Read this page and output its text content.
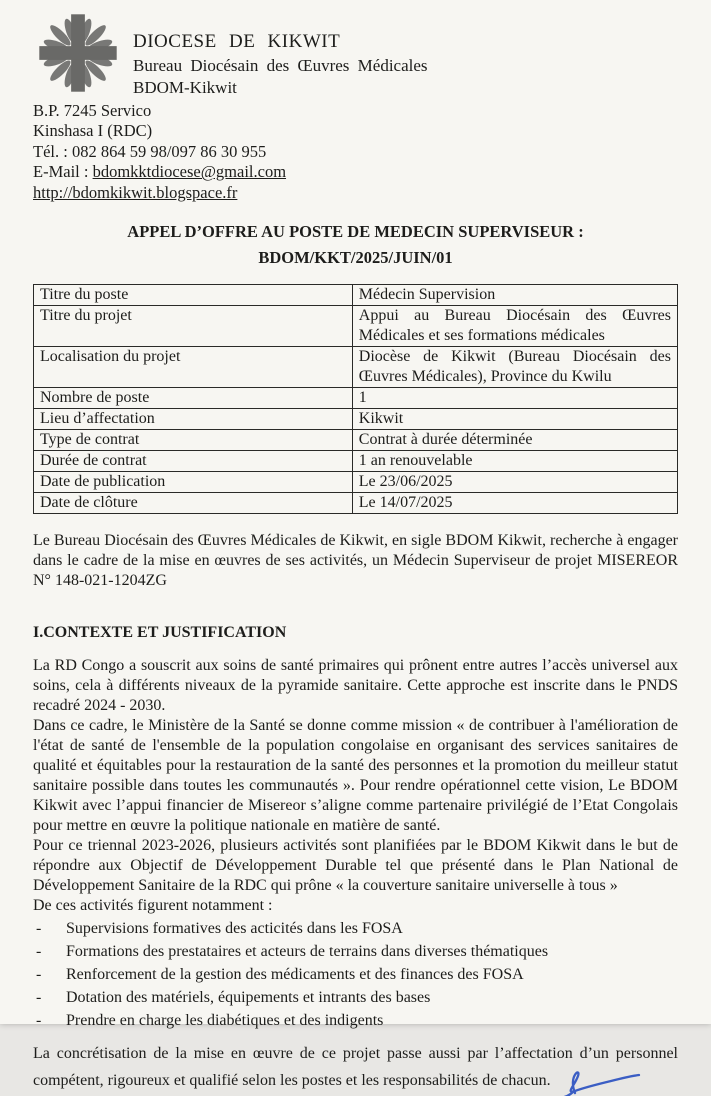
DIOCESE DE KIKWIT
Bureau Diocésain des Œuvres Médicales
BDOM-Kikwit
B.P. 7245 Servico
Kinshasa I (RDC)
Tél. : 082 864 59 98/097 86 30 955
E-Mail : bdomkktdiocese@gmail.com
http://bdomkikwit.blogspace.fr
APPEL D’OFFRE AU POSTE DE MEDECIN SUPERVISEUR :
BDOM/KKT/2025/JUIN/01
Titre du poste	Médecin Supervision
Titre du projet	Appui au Bureau Diocésain des Œuvres Médicales et ses formations médicales
Localisation du projet	Diocèse de Kikwit (Bureau Diocésain des Œuvres Médicales), Province du Kwilu
Nombre de poste	1
Lieu d’affectation	Kikwit
Type de contrat	Contrat à durée déterminée
Durée de contrat	1 an renouvelable
Date de publication	Le 23/06/2025
Date de clôture	Le 14/07/2025

Le Bureau Diocésain des Œuvres Médicales de Kikwit, en sigle BDOM Kikwit, recherche à engager dans le cadre de la mise en œuvres de ses activités, un Médecin Superviseur de projet MISEREOR N° 148-021-1204ZG

I.CONTEXTE ET JUSTIFICATION

La RD Congo a souscrit aux soins de santé primaires qui prônent entre autres l’accès universel aux soins, cela à différents niveaux de la pyramide sanitaire. Cette approche est inscrite dans le PNDS recadré 2024 - 2030.

Dans ce cadre, le Ministère de la Santé se donne comme mission « de contribuer à l'amélioration de l'état de santé de l'ensemble de la population congolaise en organisant des services sanitaires de qualité et équitables pour la restauration de la santé des personnes et la promotion du meilleur statut sanitaire possible dans toutes les communautés ». Pour rendre opérationnel cette vision, Le BDOM Kikwit avec l’appui financier de Misereor s’aligne comme partenaire privilégié de l’Etat Congolais pour mettre en œuvre la politique nationale en matière de santé.

Pour ce triennal 2023-2026, plusieurs activités sont planifiées par le BDOM Kikwit dans le but de répondre aux Objectif de Développement Durable tel que présenté dans le Plan National de Développement Sanitaire de la RDC qui prône « la couverture sanitaire universelle à tous »

De ces activités figurent notamment :

-	Supervisions formatives des acticités dans les FOSA
-	Formations des prestataires et acteurs de terrains dans diverses thématiques
-	Renforcement de la gestion des médicaments et des finances des FOSA
-	Dotation des matériels, équipements et intrants des bases
-	Prendre en charge les diabétiques et des indigents

La concrétisation de la mise en œuvre de ce projet passe aussi par l’affectation d’un personnel compétent, rigoureux et qualifié selon les postes et les responsabilités de chacun.
